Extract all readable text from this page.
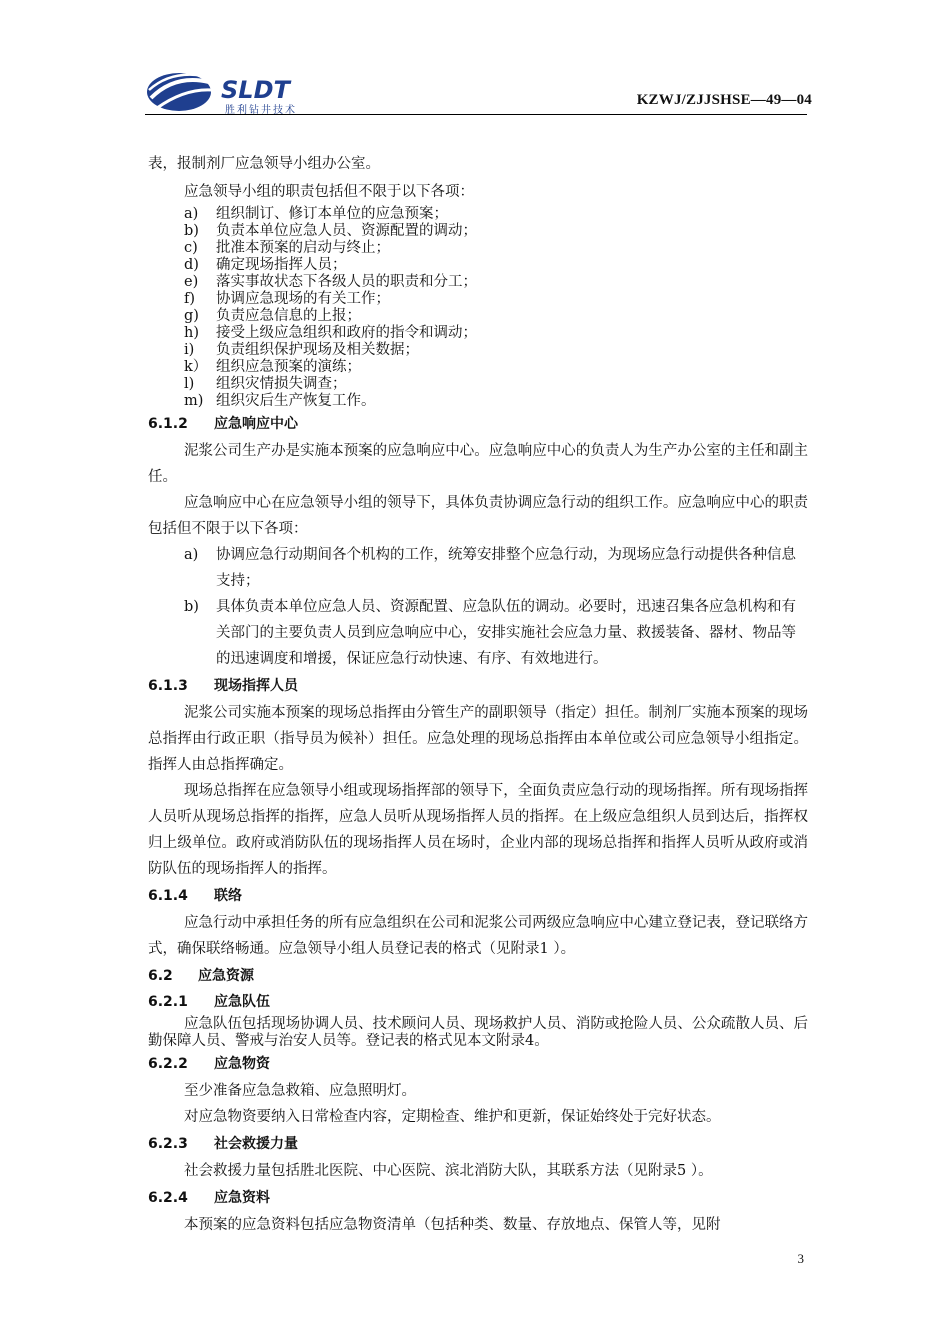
SLDT
胜利钻井技术
KZWJ/ZJJSHSE—49—04

表，报制剂厂应急领导小组办公室。

应急领导小组的职责包括但不限于以下各项：

a)	组织制订、修订本单位的应急预案；
b)	负责本单位应急人员、资源配置的调动；
c)	批准本预案的启动与终止；
d)	确定现场指挥人员；
e)	落实事故状态下各级人员的职责和分工；
f)	协调应急现场的有关工作；
g)	负责应急信息的上报；
h)	接受上级应急组织和政府的指令和调动；
i)	负责组织保护现场及相关数据；
k） 组织应急预案的演练；
l)	组织灾情损失调查；
m) 组织灾后生产恢复工作。
6.1.2	应急响应中心

泥浆公司生产办是实施本预案的应急响应中心。应急响应中心的负责人为生产办公室的主任和副主任。

应急响应中心在应急领导小组的领导下，具体负责协调应急行动的组织工作。应急响应中心的职责包括但不限于以下各项：

a)	协调应急行动期间各个机构的工作，统筹安排整个应急行动，为现场应急行动提供各种信息支持；
b)	具体负责本单位应急人员、资源配置、应急队伍的调动。必要时，迅速召集各应急机构和有关部门的主要负责人员到应急响应中心，安排实施社会应急力量、救援装备、器材、物品等的迅速调度和增援，保证应急行动快速、有序、有效地进行。
6.1.3	现场指挥人员

泥浆公司实施本预案的现场总指挥由分管生产的副职领导（指定）担任。制剂厂实施本预案的现场总指挥由行政正职（指导员为候补）担任。应急处理的现场总指挥由本单位或公司应急领导小组指定。指挥人由总指挥确定。

现场总指挥在应急领导小组或现场指挥部的领导下，全面负责应急行动的现场指挥。所有现场指挥人员听从现场总指挥的指挥，应急人员听从现场指挥人员的指挥。在上级应急组织人员到达后，指挥权归上级单位。政府或消防队伍的现场指挥人员在场时，企业内部的现场总指挥和指挥人员听从政府或消防队伍的现场指挥人的指挥。

6.1.4	联络

应急行动中承担任务的所有应急组织在公司和泥浆公司两级应急响应中心建立登记表，登记联络方式，确保联络畅通。应急领导小组人员登记表的格式（见附录1 ）。

6.2	应急资源
6.2.1	应急队伍

应急队伍包括现场协调人员、技术顾问人员、现场救护人员、消防或抢险人员、公众疏散人员、后勤保障人员、警戒与治安人员等。登记表的格式见本文附录4。

6.2.2	应急物资

至少准备应急急救箱、应急照明灯。

对应急物资要纳入日常检查内容，定期检查、维护和更新，保证始终处于完好状态。

6.2.3	社会救援力量

社会救援力量包括胜北医院、中心医院、滨北消防大队，其联系方法（见附录5 ）。

6.2.4	应急资料

本预案的应急资料包括应急物资清单（包括种类、数量、存放地点、保管人等，见附

3
